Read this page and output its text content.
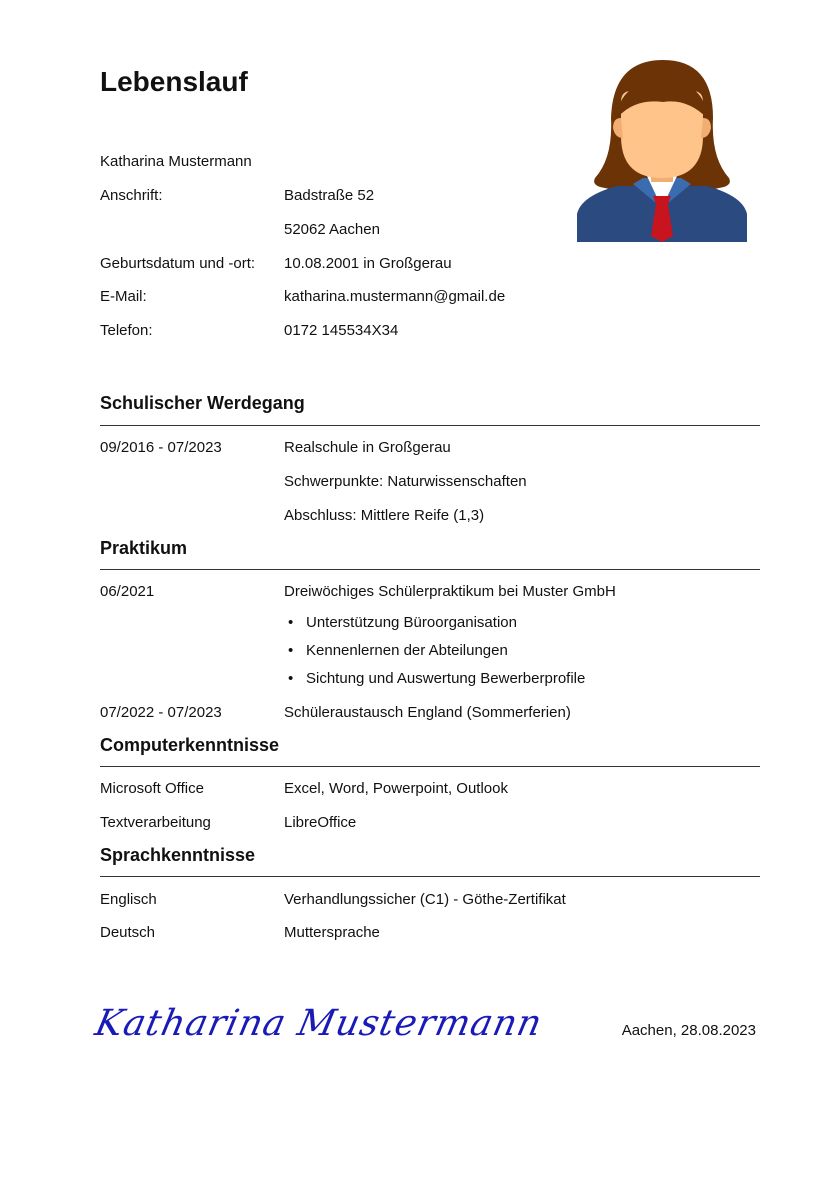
Lebenslauf
Katharina Mustermann
Anschrift:	Badstraße 52
52062 Aachen
Geburtsdatum und -ort: 10.08.2001 in Großgerau
E-Mail:	katharina.mustermann@gmail.de
Telefon:	0172 145534X34
Schulischer Werdegang
09/2016 - 07/2023	Realschule in Großgerau
Schwerpunkte: Naturwissenschaften
Abschluss: Mittlere Reife (1,3)
Praktikum
06/2021	Dreiwöchiges Schülerpraktikum bei Muster GmbH
• Unterstützung Büroorganisation
• Kennenlernen der Abteilungen
• Sichtung und Auswertung Bewerberprofile
07/2022 - 07/2023	Schüleraustausch England (Sommerferien)
Computerkenntnisse
Microsoft Office	Excel, Word, Powerpoint, Outlook
Textverarbeitung	LibreOffice
Sprachkenntnisse
Englisch	Verhandlungssicher (C1) - Göthe-Zertifikat
Deutsch	Muttersprache
Katharina Mustermann	Aachen, 28.08.2023
